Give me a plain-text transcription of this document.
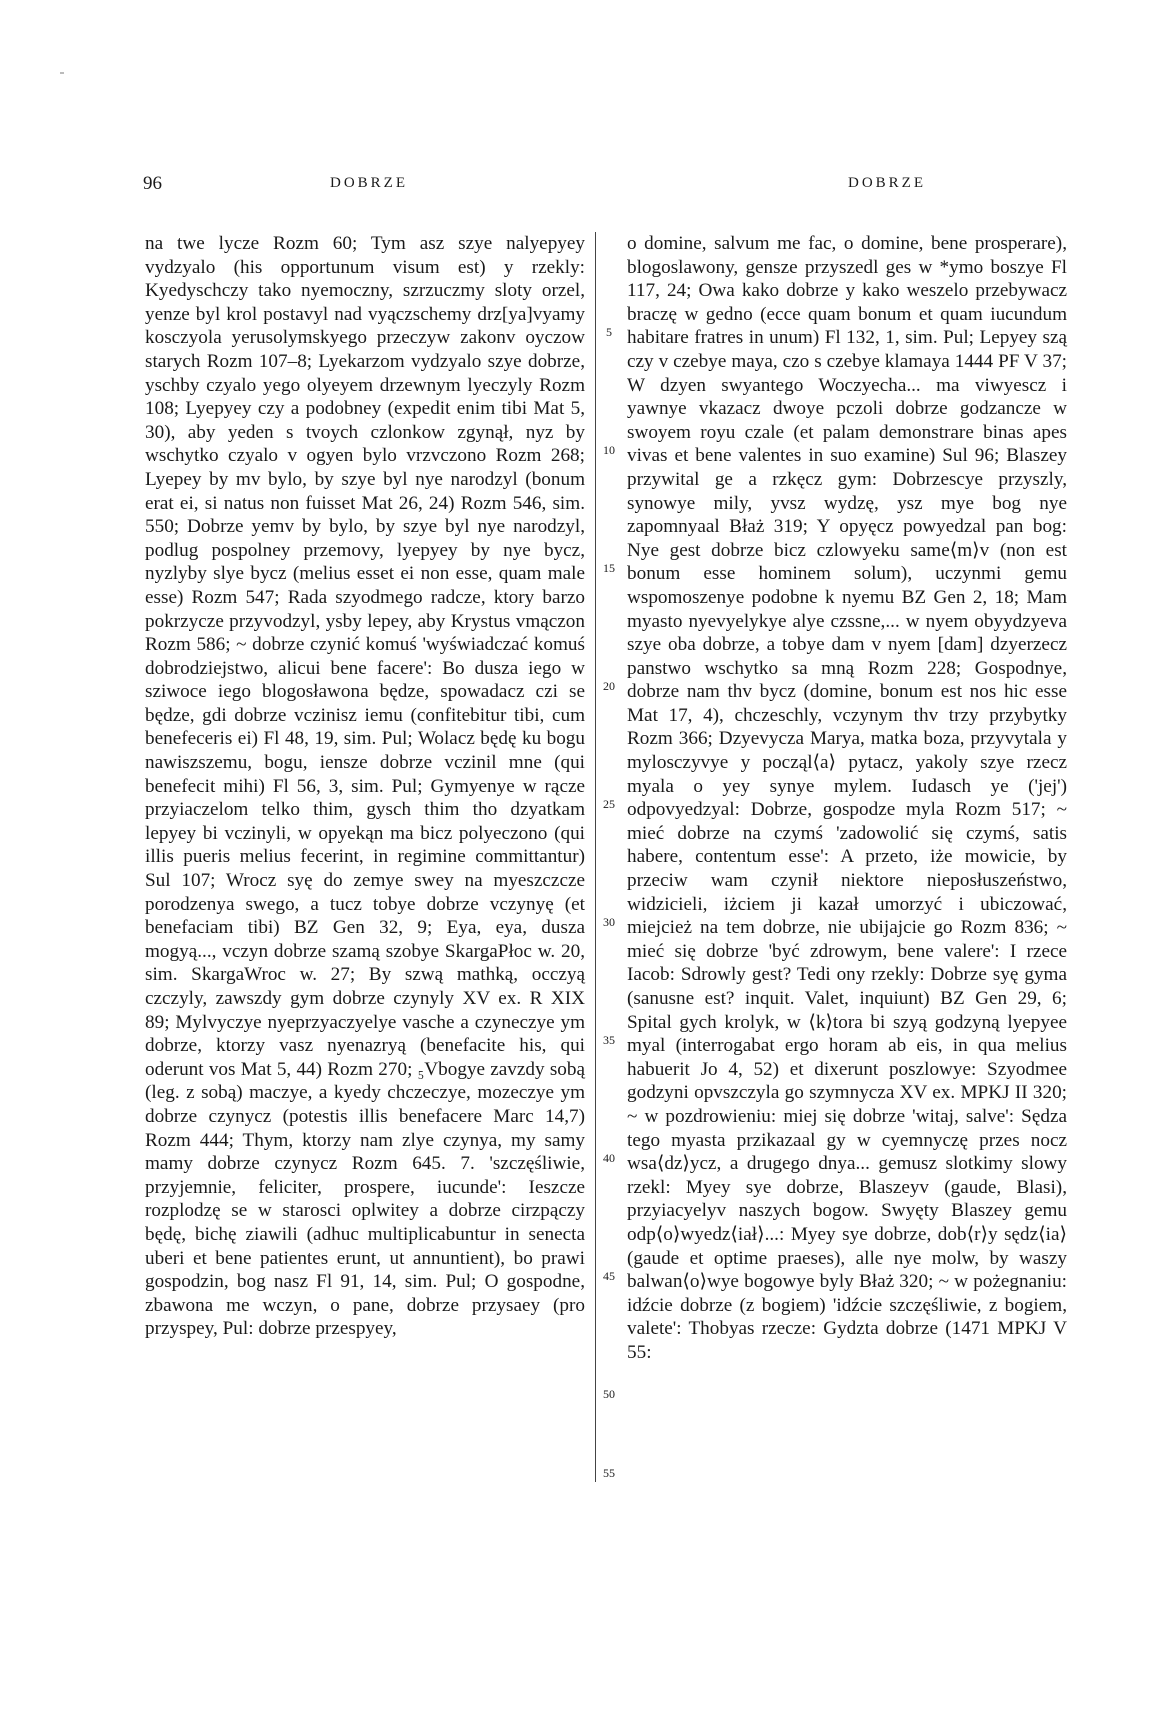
96	DOBRZE	DOBRZE

na twe lycze Rozm 60; Tym asz szye nalyepyey vydzyalo (his opportunum visum est) y rzekly: Kyedyschczy tako nyemoczny, szrzuczmy sloty orzel, yenze byl krol postavyl nad vyączschemy drz[ya]vyamy kosczyola yerusolymskyego przeczyw zakonv oyczow starych Rozm 107–8; Lyekarzom vydzyalo szye dobrze, yschby czyalo yego olyeyem drzewnym lyeczyly Rozm 108; Lyepyey czy a podobney (expedit enim tibi Mat 5, 30), aby yeden s tvoych czlonkow zgynął, nyz by wschytko czyalo v ogyen bylo vrzvczono Rozm 268; Lyepey by mv bylo, by szye byl nye narodzyl (bonum erat ei, si natus non fuisset Mat 26, 24) Rozm 546, sim. 550; Dobrze yemv by bylo, by szye byl nye narodzyl, podlug pospolney przemovy, lyepyey by nye bycz, nyzlyby slye bycz (melius esset ei non esse, quam male esse) Rozm 547; Rada szyodmego radcze, ktory barzo pokrzycze przyvodzyl, ysby lepey, aby Krystus vmączon Rozm 586; ~ dobrze czynić komuś 'wyświadczać komuś dobrodziejstwo, alicui bene facere': Bo dusza iego w sziwoce iego blogosławona będze, spowadacz czi se będze, gdi dobrze vczinisz iemu (confitebitur tibi, cum benefeceris ei) Fl 48, 19, sim. Pul; Wolacz będę ku bogu nawiszszemu, bogu, iensze dobrze vczinil mne (qui benefecit mihi) Fl 56, 3, sim. Pul; Gymyenye w rącze przyiaczelom telko thim, gysch thim tho dzyatkam lepyey bi vczinyli, w opyekąn ma bicz polyeczono (qui illis pueris melius fecerint, in regimine committantur) Sul 107; Wrocz syę do zemye swey na myeszczcze porodzenya swego, a tucz tobye dobrze vczynyę (et benefaciam tibi) BZ Gen 32, 9; Eya, eya, dusza mogyą..., vczyn dobrze szamą szobye SkargaPłoc w. 20, sim. SkargaWroc w. 27; By szwą mathką, occzyą czczyly, zawszdy gym dobrze czynyly XV ex. R XIX 89; Mylvyczye nyeprzyaczyelye vasche a czyneczye ym dobrze, ktorzy vasz nyenazryą (benefacite his, qui oderunt vos Mat 5, 44) Rozm 270; ₅Vbogye zavzdy sobą (leg. z sobą) maczye, a kyedy chczeczye, mozeczye ym dobrze czynycz (potestis illis benefacere Marc 14,7) Rozm 444; Thym, ktorzy nam zlye czynya, my samy mamy dobrze czynycz Rozm 645. 7. 'szczęśliwie, przyjemnie, feliciter, prospere, iucunde': Ieszcze rozplodzę se w starosci oplwitey a dobrze cirzpączy będę, bichę ziawili (adhuc multiplicabuntur in senecta uberi et bene patientes erunt, ut annuntient), bo prawi gospodzin, bog nasz Fl 91, 14, sim. Pul; O gospodne, zbawona me wczyn, o pane, dobrze przysaey (pro przyspey, Pul: dobrze przespyey,

5
10
15
20
25
30
35
40
45
50
55

o domine, salvum me fac, o domine, bene prosperare), blogoslawony, gensze przyszedl ges w *ymo boszye Fl 117, 24; Owa kako dobrze y kako weszelo przebywacz braczę w gedno (ecce quam bonum et quam iucundum habitare fratres in unum) Fl 132, 1, sim. Pul; Lepyey szą czy v czebye maya, czo s czebye klamaya 1444 PF V 37; W dzyen swyantego Woczyecha... ma viwyescz i yawnye vkazacz dwoye pczoli dobrze godzancze w swoyem royu czale (et palam demonstrare binas apes vivas et bene valentes in suo examine) Sul 96; Blaszey przywital ge a rzkęcz gym: Dobrzescye przyszly, synowye mily, yvsz wydzę, ysz mye bog nye zapomnyaal Błaż 319; Y opyęcz powyedzal pan bog: Nye gest dobrze bicz czlowyeku same⟨m⟩v (non est bonum esse hominem solum), uczynmi gemu wspomoszenye podobne k nyemu BZ Gen 2, 18; Mam myasto nyevyelykye alye czssne,... w nyem obyydzyeva szye oba dobrze, a tobye dam v nyem [dam] dzyerzecz panstwo wschytko sa mną Rozm 228; Gospodnye, dobrze nam thv bycz (domine, bonum est nos hic esse Mat 17, 4), chczeschly, vczynym thv trzy przybytky Rozm 366; Dzyevycza Marya, matka boza, przyvytala y mylosczyvye y począl⟨a⟩ pytacz, yakoly szye rzecz myala o yey synye mylem. Iudasch ye ('jej') odpovyedzyal: Dobrze, gospodze myla Rozm 517; ~ mieć dobrze na czymś 'zadowolić się czymś, satis habere, contentum esse': A przeto, iże mowicie, by przeciw wam czynił niektore nieposłuszeństwo, widzicieli, iżciem ji kazał umorzyć i ubiczować, miejcież na tem dobrze, nie ubijajcie go Rozm 836; ~ mieć się dobrze 'być zdrowym, bene valere': I rzece Iacob: Sdrowly gest? Tedi ony rzekly: Dobrze syę gyma (sanusne est? inquit. Valet, inquiunt) BZ Gen 29, 6; Spital gych krolyk, w ⟨k⟩tora bi szyą godzyną lyepyee myal (interrogabat ergo horam ab eis, in qua melius habuerit Jo 4, 52) et dixerunt poszlowye: Szyodmee godzyni opvszczyla go szymnycza XV ex. MPKJ II 320; ~ w pozdrowieniu: miej się dobrze 'witaj, salve': Sędza tego myasta przikazaal gy w cyemnyczę przes nocz wsa⟨dz⟩ycz, a drugego dnya... gemusz slotkimy slowy rzekl: Myey sye dobrze, Blaszeyv (gaude, Blasi), przyiacyelyv naszych bogow. Swyęty Blaszey gemu odp⟨o⟩wyedz⟨iał⟩...: Myey sye dobrze, dob⟨r⟩y sędz⟨ia⟩ (gaude et optime praeses), alle nye molw, by waszy balwan⟨o⟩wye bogowye byly Błaż 320; ~ w pożegnaniu: idźcie dobrze (z bogiem) 'idźcie szczęśliwie, z bogiem, valete': Thobyas rzecze: Gydzta dobrze (1471 MPKJ V 55:
